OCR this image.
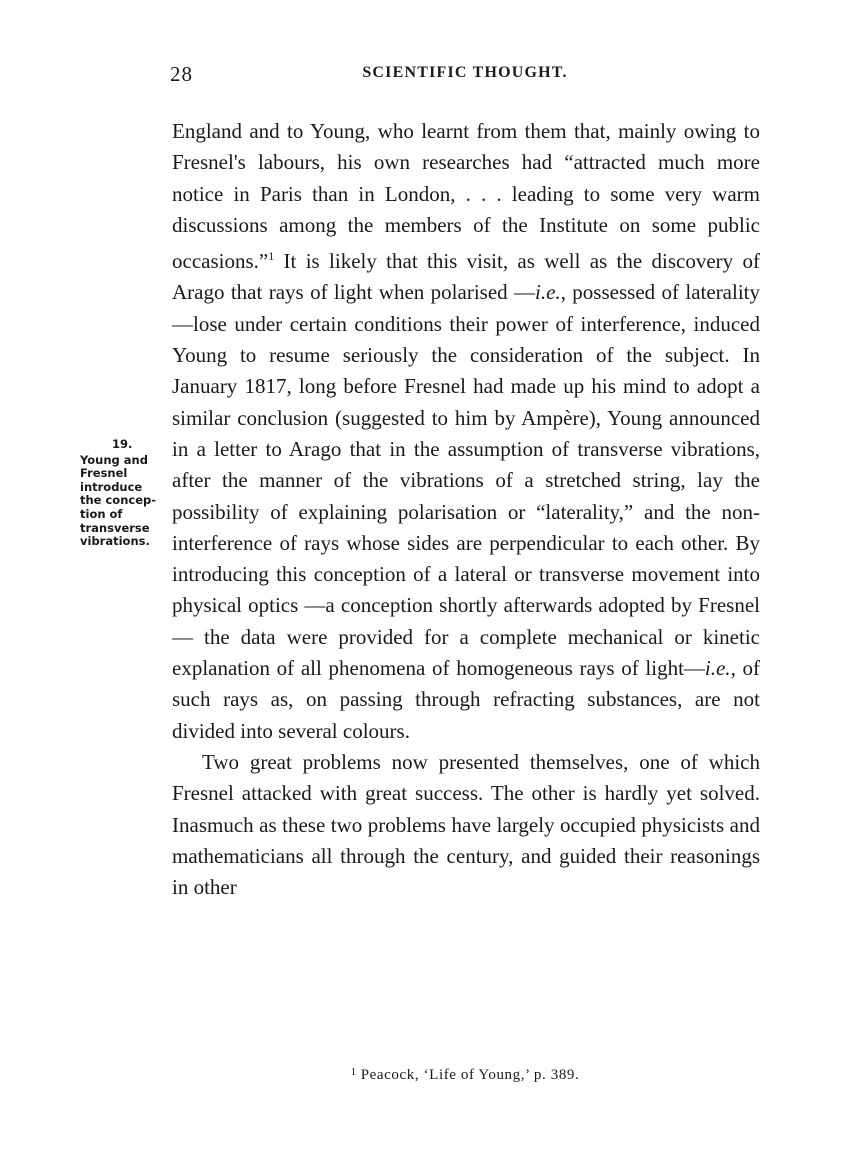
28	SCIENTIFIC THOUGHT.
19.
Young and Fresnel introduce the concep-tion of transverse vibrations.

England and to Young, who learnt from them that, mainly owing to Fresnel's labours, his own researches had “attracted much more notice in Paris than in London, . . . leading to some very warm discussions among the members of the Institute on some public occasions.”$^1$ It is likely that this visit, as well as the discovery of Arago that rays of light when polarised —i.e., possessed of laterality—lose under certain conditions their power of interference, induced Young to resume seriously the consideration of the subject. In January 1817, long before Fresnel had made up his mind to adopt a similar conclusion (suggested to him by Ampère), Young announced in a letter to Arago that in the assumption of transverse vibrations, after the manner of the vibrations of a stretched string, lay the possibility of explaining polarisation or “laterality,” and the non-interference of rays whose sides are perpendicular to each other. By introducing this conception of a lateral or transverse movement into physical optics —a conception shortly afterwards adopted by Fresnel— the data were provided for a complete mechanical or kinetic explanation of all phenomena of homogeneous rays of light—i.e., of such rays as, on passing through refracting substances, are not divided into several colours.

Two great problems now presented themselves, one of which Fresnel attacked with great success. The other is hardly yet solved. Inasmuch as these two problems have largely occupied physicists and mathematicians all through the century, and guided their reasonings in other

$^1$ Peacock, ‘Life of Young,’ p. 389.
